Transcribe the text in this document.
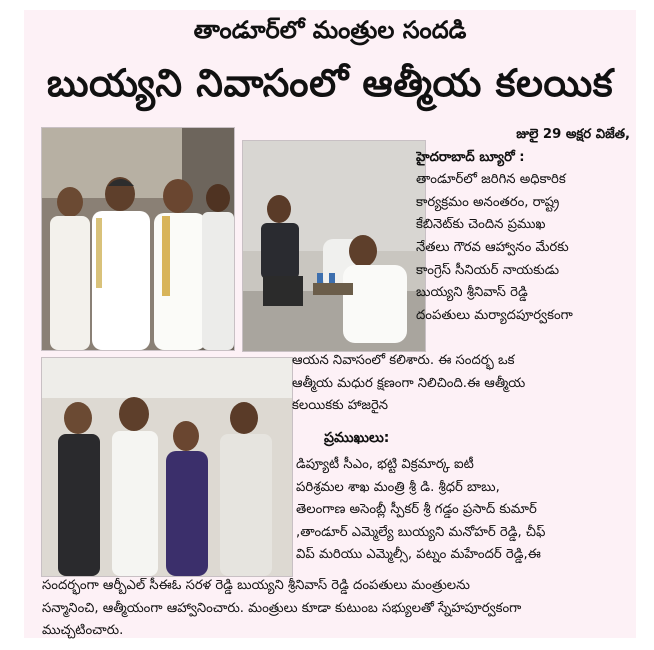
తాండూర్‌లో మంత్రుల సందడి
బుయ్యని నివాసంలో ఆత్మీయ కలయిక
జులై 29 అక్షర విజేత,
హైదరాబాద్ బ్యూరో :
తాండూర్‌లో జరిగిన అధికారిక
కార్యక్రమం అనంతరం, రాష్ట్ర
కేబినెట్‌కు చెందిన ప్రముఖ
నేతలు గౌరవ ఆహ్వానం మేరకు
కాంగ్రెస్ సీనియర్ నాయకుడు
బుయ్యని శ్రీనివాస్ రెడ్డి
దంపతులు మర్యాదపూర్వకంగా
ఆయన నివాసంలో కలిశారు. ఈ సందర్భ ఒక
ఆత్మీయ మధుర క్షణంగా నిలిచింది.ఈ ఆత్మీయ
కలయికకు హాజరైన
ప్రముఖులు:
డిప్యూటీ సీఎం, భట్టి విక్రమార్క ఐటీ
పరిశ్రమల శాఖ మంత్రి శ్రీ డి. శ్రీధర్ బాబు,
తెలంగాణ అసెంబ్లీ స్పీకర్ శ్రీ గడ్డం ప్రసాద్ కుమార్
,తాండూర్ ఎమ్మెల్యే బుయ్యని మనోహర్ రెడ్డి, చీఫ్
విప్ మరియు ఎమ్మెల్సీ, పట్నం మహేందర్ రెడ్డి,ఈ
సందర్భంగా ఆర్బీఎల్ సీఈఓ సరళ రెడ్డి బుయ్యని శ్రీనివాస్ రెడ్డి దంపతులు మంత్రులను
సన్మానించి, ఆత్మీయంగా ఆహ్వానించారు. మంత్రులు కూడా కుటుంబ సభ్యులతో స్నేహపూర్వకంగా
ముచ్చటించారు.
